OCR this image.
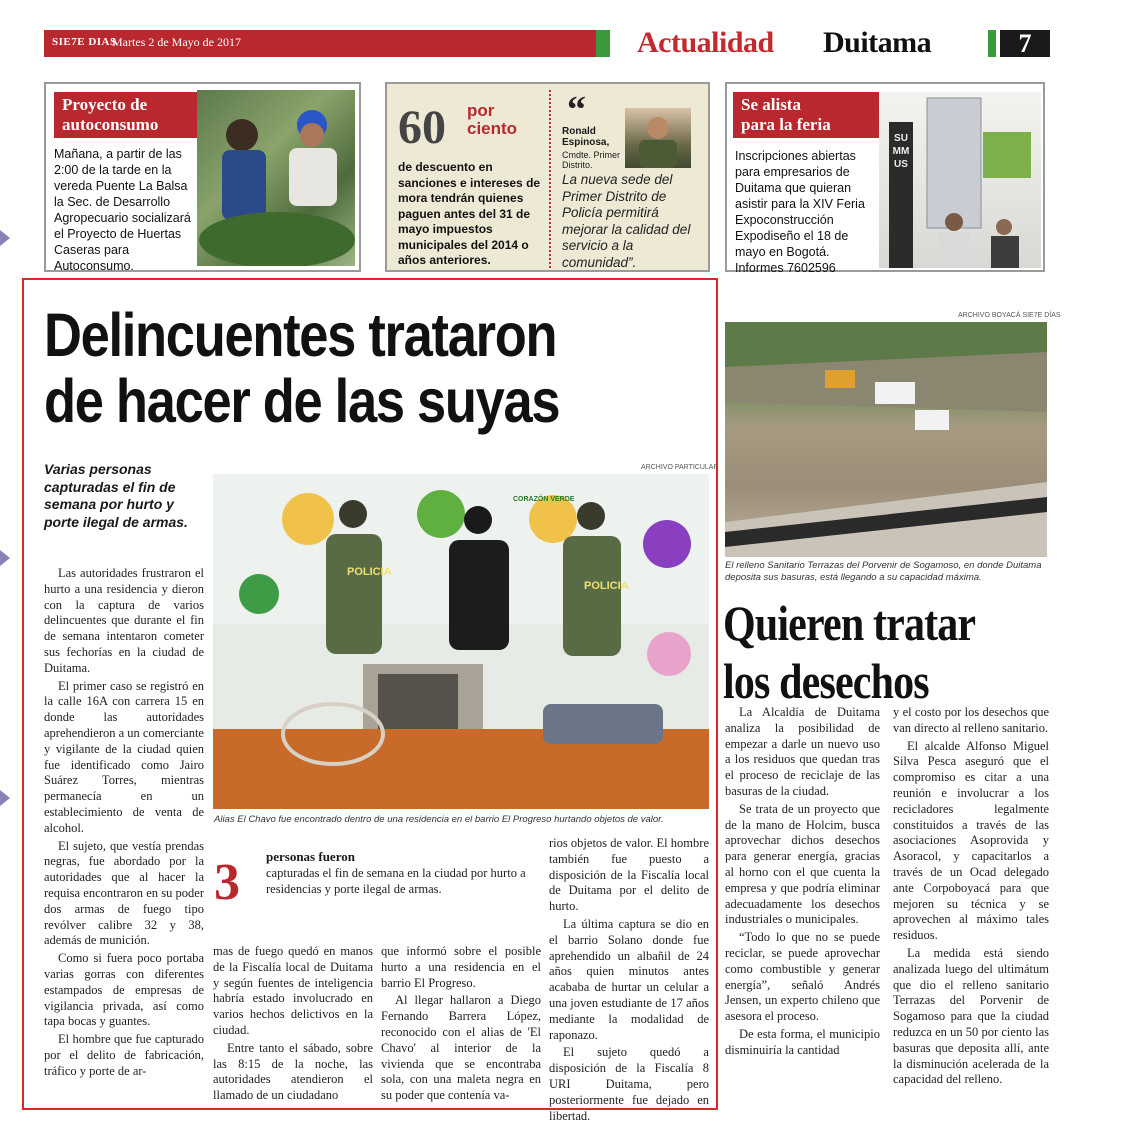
SIE7E DIAS
Martes 2 de Mayo de 2017	Actualidad Duitama	7
Proyecto de
autoconsumo
Mañana, a partir de las 2:00 de la tarde en la vereda Puente La Balsa la Sec. de Desarrollo Agropecuario socializará el Proyecto de Huertas Caseras para Autoconsumo.
60 por
ciento
de descuento en sanciones e intereses de mora tendrán quienes paguen antes del 31 de mayo impuestos municipales del 2014 o años anteriores.
“
Ronald
Espinosa,
Cmdte. Primer
Distrito.
La nueva sede del Primer Distrito de Policía permitirá mejorar la calidad del servicio a la comunidad”.
Se alista
para la feria
Inscripciones abiertas para empresarios de Duitama que quieran asistir para la XIV Feria Expoconstrucción Expodiseño el 18 de mayo en Bogotá. Informes 7602596
SUMMUS
Delincuentes trataron
de hacer de las suyas
Varias personas capturadas el fin de semana por hurto y porte ilegal de armas.
ARCHIVO PARTICULAR
POLICIA
POLICIA
CORAZÓN VERDE
Alias El Chavo fue encontrado dentro de una residencia en el barrio El Progreso hurtando objetos de valor.

Las autoridades frustraron el hurto a una residencia y dieron con la captura de varios delincuentes que durante el fin de semana intentaron cometer sus fechorías en la ciudad de Duitama.

El primer caso se registró en la calle 16A con carrera 15 en donde las autoridades aprehendieron a un comerciante y vigilante de la ciudad quien fue identificado como Jairo Suárez Torres, mientras permanecía en un establecimiento de venta de alcohol.

El sujeto, que vestía prendas negras, fue abordado por la autoridades que al hacer la requisa encontraron en su poder dos armas de fuego tipo revólver calibre 32 y 38, además de munición.

Como si fuera poco portaba varias gorras con diferentes estampados de empresas de vigilancia privada, así como tapa bocas y guantes.

El hombre que fue capturado por el delito de fabricación, tráfico y porte de ar-

3 personas fueron
capturadas el fin de semana en la ciudad por hurto a residencias y porte ilegal de armas.

mas de fuego quedó en manos de la Fiscalía local de Duitama y según fuentes de inteligencia habría estado involucrado en varios hechos delictivos en la ciudad.

Entre tanto el sábado, sobre las 8:15 de la noche, las autoridades atendieron el llamado de un ciudadano

que informó sobre el posible hurto a una residencia en el barrio El Progreso.

Al llegar hallaron a Diego Fernando Barrera López, reconocido con el alias de 'El Chavo' al interior de la vivienda que se encontraba sola, con una maleta negra en su poder que contenía va-

rios objetos de valor. El hombre también fue puesto a disposición de la Fiscalía local de Duitama por el delito de hurto.

La última captura se dio en el barrio Solano donde fue aprehendido un albañil de 24 años quien minutos antes acababa de hurtar un celular a una joven estudiante de 17 años mediante la modalidad de raponazo.

El sujeto quedó a disposición de la Fiscalía 8 URI Duitama, pero posteriormente fue dejado en libertad.

ARCHIVO BOYACÁ SIE7E DÍAS
El relleno Sanitario Terrazas del Porvenir de Sogamoso, en donde Duitama deposita sus basuras, está llegando a su capacidad máxima.
Quieren tratar
los desechos

La Alcaldía de Duitama analiza la posibilidad de empezar a darle un nuevo uso a los residuos que quedan tras el proceso de reciclaje de las basuras de la ciudad.

Se trata de un proyecto que de la mano de Holcim, busca aprovechar dichos desechos para generar energía, gracias al horno con el que cuenta la empresa y que podría eliminar adecuadamente los desechos industriales o municipales.

“Todo lo que no se puede reciclar, se puede aprovechar como combustible y generar energía”, señaló Andrés Jensen, un experto chileno que asesora el proceso.

De esta forma, el municipio disminuiría la cantidad

y el costo por los desechos que van directo al relleno sanitario.

El alcalde Alfonso Miguel Silva Pesca aseguró que el compromiso es citar a una reunión e involucrar a los recicladores legalmente constituidos a través de las asociaciones Asoprovida y Asoracol, y capacitarlos a través de un Ocad delegado ante Corpoboyacá para que mejoren su técnica y se aprovechen al máximo tales residuos.

La medida está siendo analizada luego del ultimátum que dio el relleno sanitario Terrazas del Porvenir de Sogamoso para que la ciudad reduzca en un 50 por ciento las basuras que deposita allí, ante la disminución acelerada de la capacidad del relleno.
